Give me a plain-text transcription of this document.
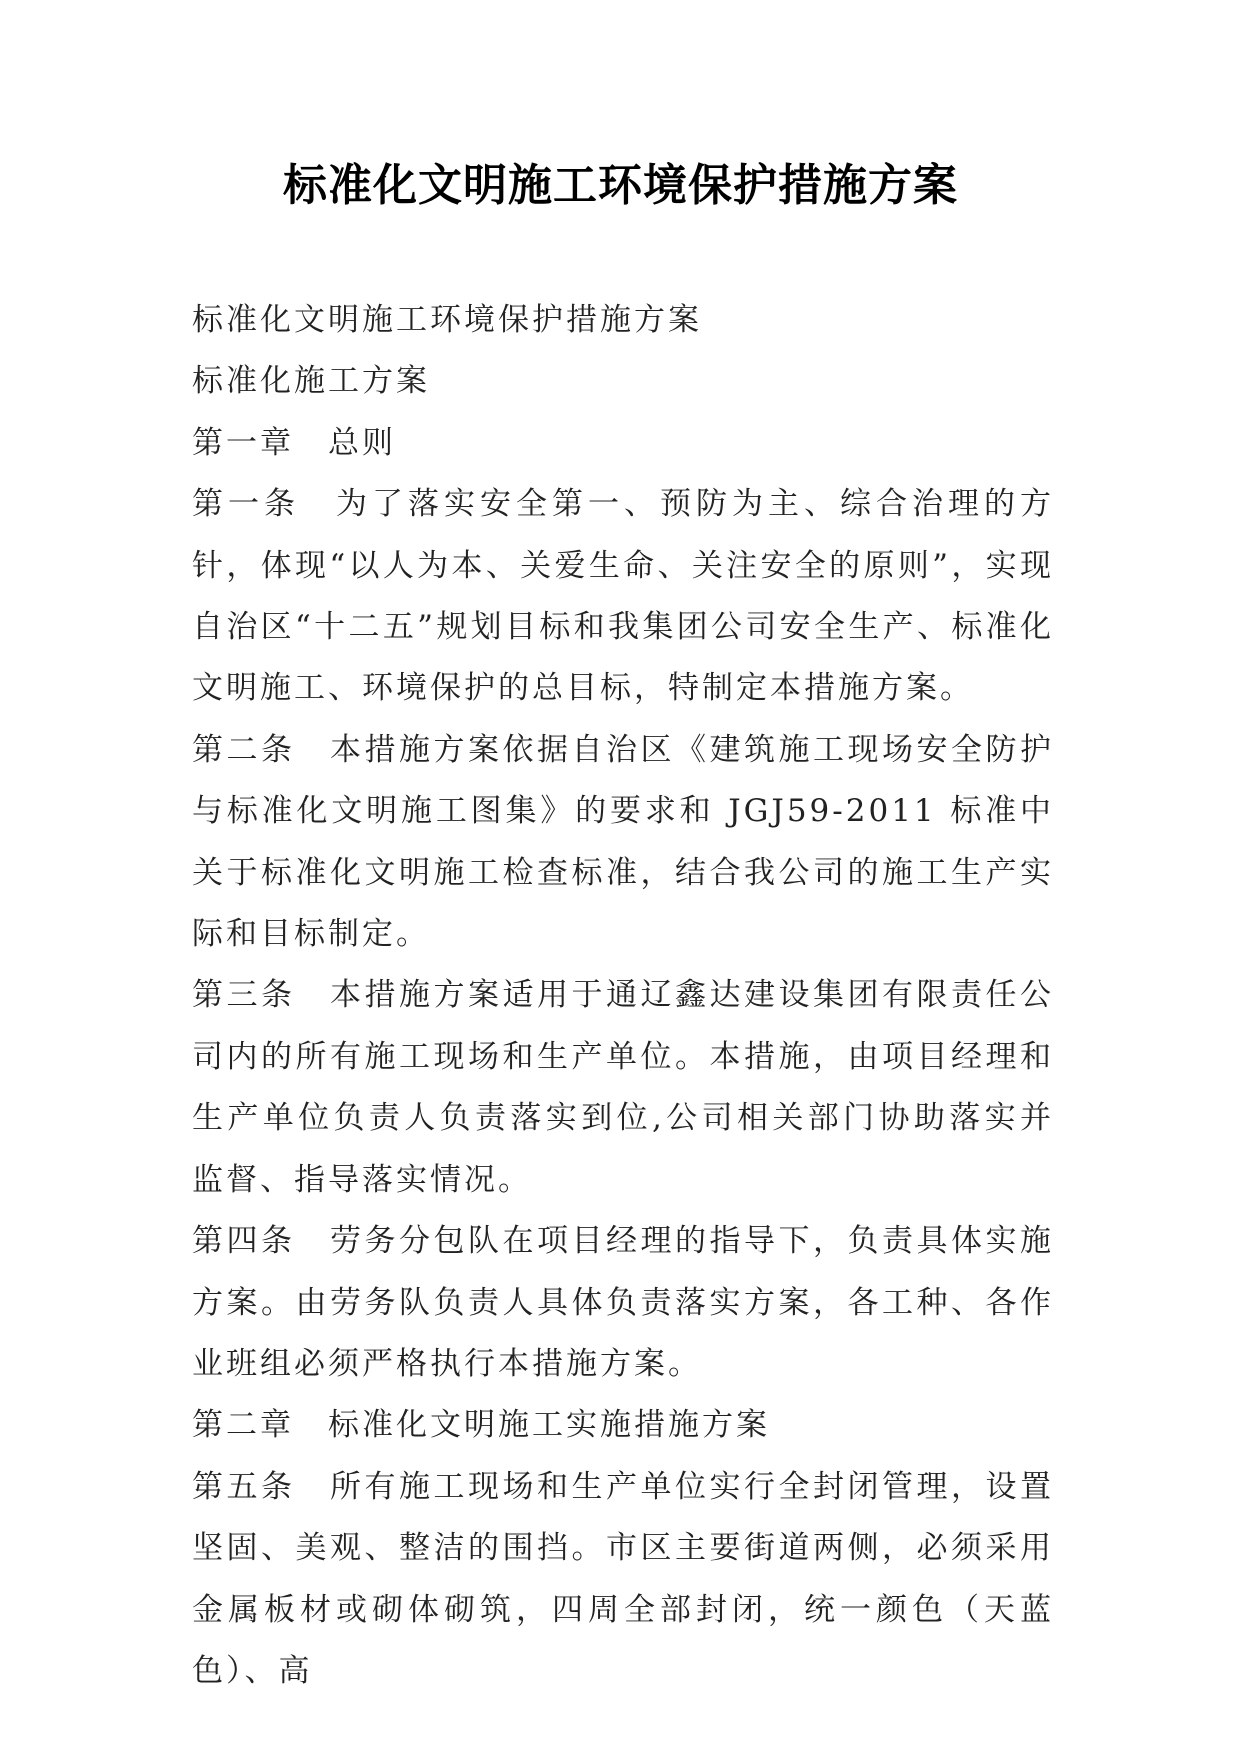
标准化文明施工环境保护措施方案

标准化文明施工环境保护措施方案

标准化施工方案

第一章　总则

第一条　为了落实安全第一、预防为主、综合治理的方针，体现“以人为本、关爱生命、关注安全的原则”，实现自治区“十二五”规划目标和我集团公司安全生产、标准化文明施工、环境保护的总目标，特制定本措施方案。

第二条　本措施方案依据自治区《建筑施工现场安全防护与标准化文明施工图集》的要求和 JGJ59-2011 标准中关于标准化文明施工检查标准，结合我公司的施工生产实际和目标制定。

第三条　本措施方案适用于通辽鑫达建设集团有限责任公司内的所有施工现场和生产单位。本措施，由项目经理和生产单位负责人负责落实到位,公司相关部门协助落实并监督、指导落实情况。

第四条　劳务分包队在项目经理的指导下，负责具体实施方案。由劳务队负责人具体负责落实方案，各工种、各作业班组必须严格执行本措施方案。

第二章　标准化文明施工实施措施方案

第五条　所有施工现场和生产单位实行全封闭管理，设置坚固、美观、整洁的围挡。市区主要街道两侧，必须采用金属板材或砌体砌筑，四周全部封闭，统一颜色（天蓝色）、高
